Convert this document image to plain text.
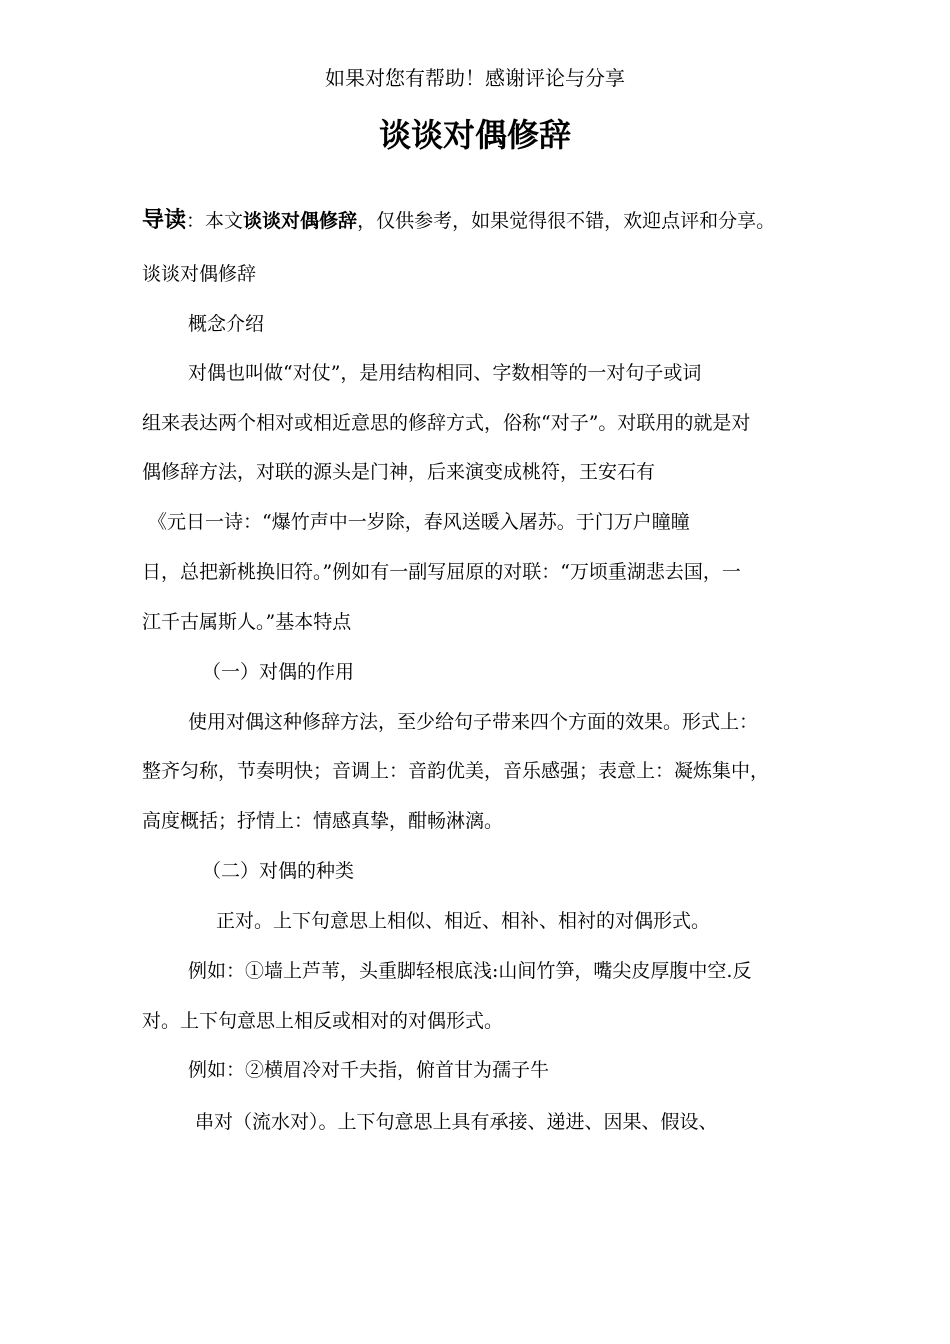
如果对您有帮助！感谢评论与分享
谈谈对偶修辞
导读：本文谈谈对偶修辞，仅供参考，如果觉得很不错，欢迎点评和分享。
谈谈对偶修辞
概念介绍
对偶也叫做“对仗”，是用结构相同、字数相等的一对句子或词
组来表达两个相对或相近意思的修辞方式，俗称“对子”。对联用的就是对
偶修辞方法，对联的源头是门神，后来演变成桃符，王安石有
《元日一诗：“爆竹声中一岁除，春风送暖入屠苏。于门万户瞳瞳
日，总把新桃换旧符。”例如有一副写屈原的对联：“万顷重湖悲去国，一
江千古属斯人。”基本特点
（一）对偶的作用
使用对偶这种修辞方法，至少给句子带来四个方面的效果。形式上：
整齐匀称，节奏明快；音调上：音韵优美，音乐感强；表意上：凝炼集中，
高度概括；抒情上：情感真挚，酣畅淋漓。
（二）对偶的种类
正对。上下句意思上相似、相近、相补、相衬的对偶形式。
例如：①墙上芦苇，头重脚轻根底浅:山间竹笋，嘴尖皮厚腹中空.反
对。上下句意思上相反或相对的对偶形式。
例如：②横眉冷对千夫指，俯首甘为孺子牛
串对（流水对）。上下句意思上具有承接、递进、因果、假设、
